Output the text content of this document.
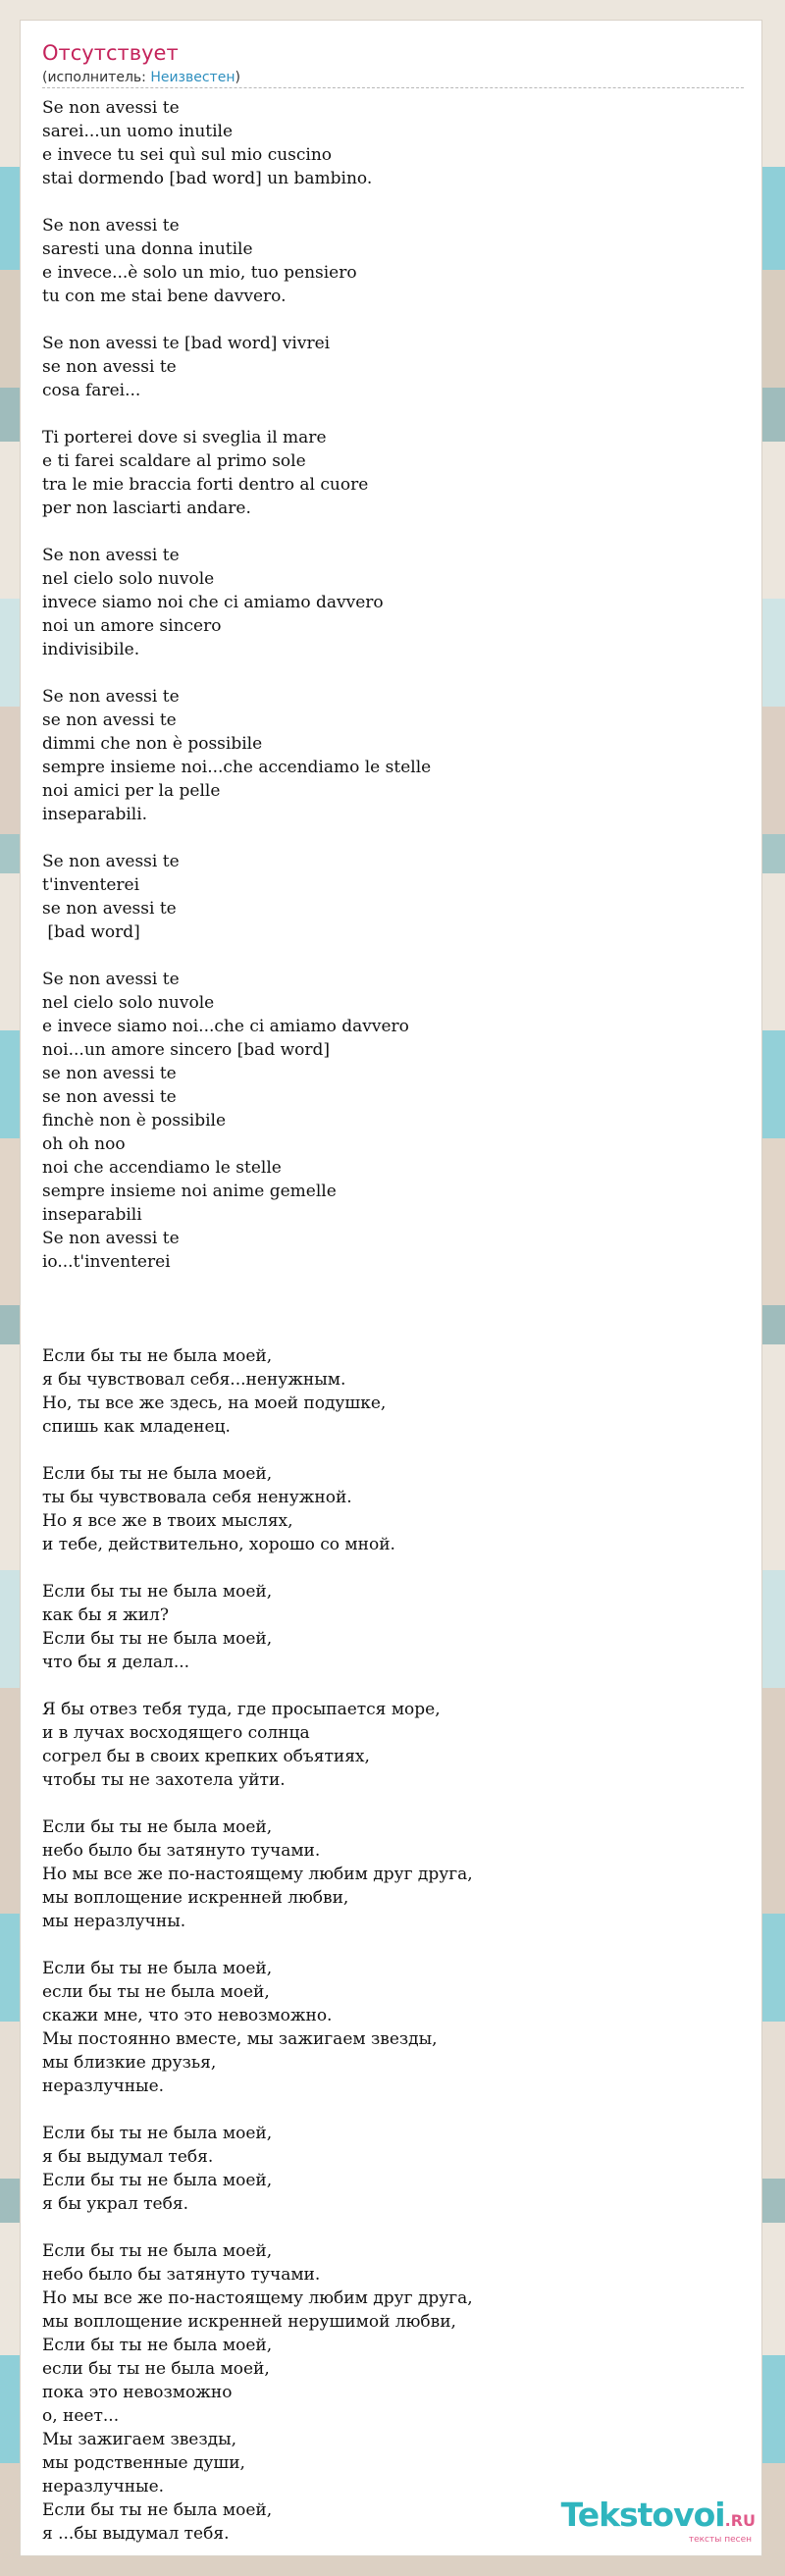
Отсутствует
(исполнитель: Неизвестен)
Se non avessi te
sarei...un uomo inutile
e invece tu sei quì sul mio cuscino
stai dormendo [bad word] un bambino.
Se non avessi te
saresti una donna inutile
e invece...è solo un mio, tuo pensiero
tu con me stai bene davvero.
Se non avessi te [bad word] vivrei
se non avessi te
cosa farei...
Ti porterei dove si sveglia il mare
e ti farei scaldare al primo sole
tra le mie braccia forti dentro al cuore
per non lasciarti andare.
Se non avessi te
nel cielo solo nuvole
invece siamo noi che ci amiamo davvero
noi un amore sincero
indivisibile.
Se non avessi te
se non avessi te
dimmi che non è possibile
sempre insieme noi...che accendiamo le stelle
noi amici per la pelle
inseparabili.
Se non avessi te
t'inventerei
se non avessi te
[bad word]
Se non avessi te
nel cielo solo nuvole
e invece siamo noi...che ci amiamo davvero
noi...un amore sincero [bad word]
se non avessi te
se non avessi te
finchè non è possibile
oh oh noo
noi che accendiamo le stelle
sempre insieme noi anime gemelle
inseparabili
Se non avessi te
io...t'inventerei
Если бы ты не была моей,
я бы чувствовал себя...ненужным.
Но, ты все же здесь, на моей подушке,
спишь как младенец.
Если бы ты не была моей,
ты бы чувствовала себя ненужной.
Но я все же в твоих мыслях,
и тебе, действительно, хорошо со мной.
Если бы ты не была моей,
как бы я жил?
Если бы ты не была моей,
что бы я делал...
Я бы отвез тебя туда, где просыпается море,
и в лучах восходящего солнца
согрел бы в своих крепких объятиях,
чтобы ты не захотела уйти.
Если бы ты не была моей,
небо было бы затянуто тучами.
Но мы все же по-настоящему любим друг друга,
мы воплощение искренней любви,
мы неразлучны.
Если бы ты не была моей,
если бы ты не была моей,
скажи мне, что это невозможно.
Мы постоянно вместе, мы зажигаем звезды,
мы близкие друзья,
неразлучные.
Если бы ты не была моей,
я бы выдумал тебя.
Если бы ты не была моей,
я бы украл тебя.
Если бы ты не была моей,
небо было бы затянуто тучами.
Но мы все же по-настоящему любим друг друга,
мы воплощение искренней нерушимой любви,
Если бы ты не была моей,
если бы ты не была моей,
пока это невозможно
о, неет...
Мы зажигаем звезды,
мы родственные души,
неразлучные.
Если бы ты не была моей,
я ...бы выдумал тебя.	Tekstovoi.RU
тексты песен
